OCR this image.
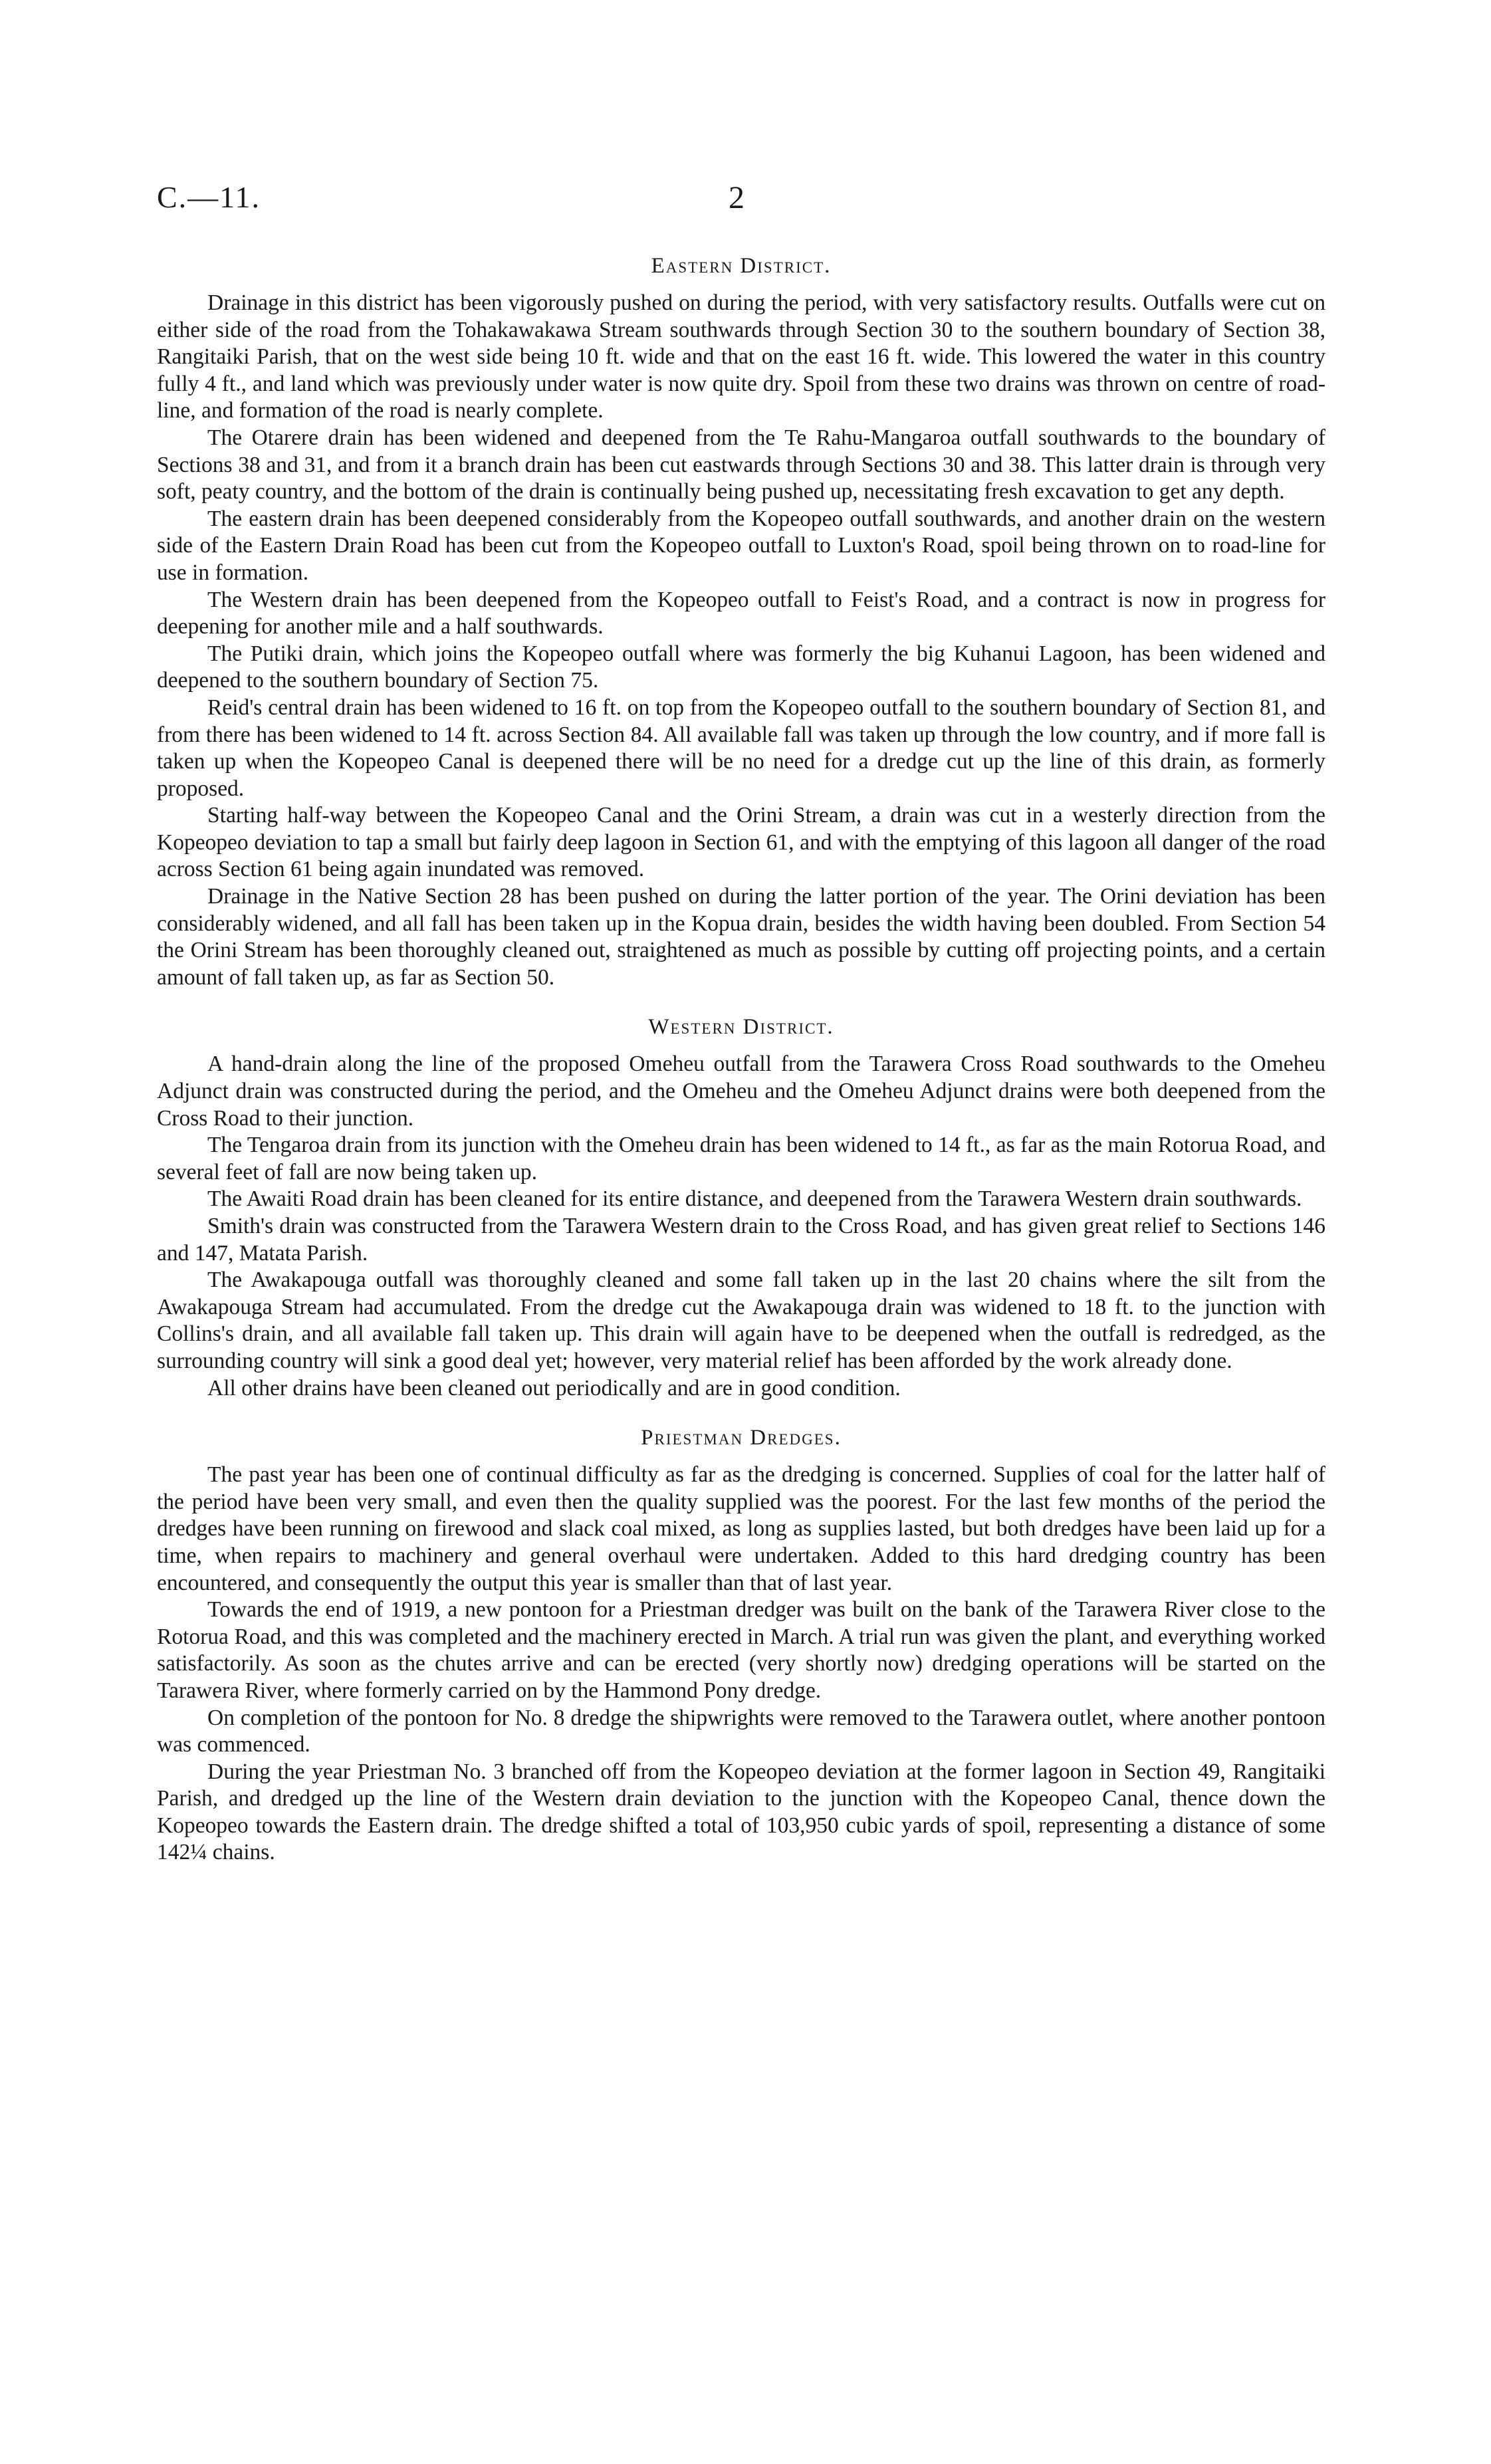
C.—11.	2
Eastern District.

Drainage in this district has been vigorously pushed on during the period, with very satisfactory results. Outfalls were cut on either side of the road from the Tohakawakawa Stream southwards through Section 30 to the southern boundary of Section 38, Rangitaiki Parish, that on the west side being 10 ft. wide and that on the east 16 ft. wide. This lowered the water in this country fully 4 ft., and land which was previously under water is now quite dry. Spoil from these two drains was thrown on centre of road-line, and formation of the road is nearly complete.

The Otarere drain has been widened and deepened from the Te Rahu-Mangaroa outfall southwards to the boundary of Sections 38 and 31, and from it a branch drain has been cut eastwards through Sections 30 and 38. This latter drain is through very soft, peaty country, and the bottom of the drain is continually being pushed up, necessitating fresh excavation to get any depth.

The eastern drain has been deepened considerably from the Kopeopeo outfall southwards, and another drain on the western side of the Eastern Drain Road has been cut from the Kopeopeo outfall to Luxton's Road, spoil being thrown on to road-line for use in formation.

The Western drain has been deepened from the Kopeopeo outfall to Feist's Road, and a contract is now in progress for deepening for another mile and a half southwards.

The Putiki drain, which joins the Kopeopeo outfall where was formerly the big Kuhanui Lagoon, has been widened and deepened to the southern boundary of Section 75.

Reid's central drain has been widened to 16 ft. on top from the Kopeopeo outfall to the southern boundary of Section 81, and from there has been widened to 14 ft. across Section 84. All available fall was taken up through the low country, and if more fall is taken up when the Kopeopeo Canal is deepened there will be no need for a dredge cut up the line of this drain, as formerly proposed.

Starting half-way between the Kopeopeo Canal and the Orini Stream, a drain was cut in a westerly direction from the Kopeopeo deviation to tap a small but fairly deep lagoon in Section 61, and with the emptying of this lagoon all danger of the road across Section 61 being again inundated was removed.

Drainage in the Native Section 28 has been pushed on during the latter portion of the year. The Orini deviation has been considerably widened, and all fall has been taken up in the Kopua drain, besides the width having been doubled. From Section 54 the Orini Stream has been thoroughly cleaned out, straightened as much as possible by cutting off projecting points, and a certain amount of fall taken up, as far as Section 50.

Western District.

A hand-drain along the line of the proposed Omeheu outfall from the Tarawera Cross Road southwards to the Omeheu Adjunct drain was constructed during the period, and the Omeheu and the Omeheu Adjunct drains were both deepened from the Cross Road to their junction.

The Tengaroa drain from its junction with the Omeheu drain has been widened to 14 ft., as far as the main Rotorua Road, and several feet of fall are now being taken up.

The Awaiti Road drain has been cleaned for its entire distance, and deepened from the Tarawera Western drain southwards.

Smith's drain was constructed from the Tarawera Western drain to the Cross Road, and has given great relief to Sections 146 and 147, Matata Parish.

The Awakapouga outfall was thoroughly cleaned and some fall taken up in the last 20 chains where the silt from the Awakapouga Stream had accumulated. From the dredge cut the Awakapouga drain was widened to 18 ft. to the junction with Collins's drain, and all available fall taken up. This drain will again have to be deepened when the outfall is redredged, as the surrounding country will sink a good deal yet; however, very material relief has been afforded by the work already done.

All other drains have been cleaned out periodically and are in good condition.

Priestman Dredges.

The past year has been one of continual difficulty as far as the dredging is concerned. Supplies of coal for the latter half of the period have been very small, and even then the quality supplied was the poorest. For the last few months of the period the dredges have been running on firewood and slack coal mixed, as long as supplies lasted, but both dredges have been laid up for a time, when repairs to machinery and general overhaul were undertaken. Added to this hard dredging country has been encountered, and consequently the output this year is smaller than that of last year.

Towards the end of 1919, a new pontoon for a Priestman dredger was built on the bank of the Tarawera River close to the Rotorua Road, and this was completed and the machinery erected in March. A trial run was given the plant, and everything worked satisfactorily. As soon as the chutes arrive and can be erected (very shortly now) dredging operations will be started on the Tarawera River, where formerly carried on by the Hammond Pony dredge.

On completion of the pontoon for No. 8 dredge the shipwrights were removed to the Tarawera outlet, where another pontoon was commenced.

During the year Priestman No. 3 branched off from the Kopeopeo deviation at the former lagoon in Section 49, Rangitaiki Parish, and dredged up the line of the Western drain deviation to the junction with the Kopeopeo Canal, thence down the Kopeopeo towards the Eastern drain. The dredge shifted a total of 103,950 cubic yards of spoil, representing a distance of some 142¼ chains.
